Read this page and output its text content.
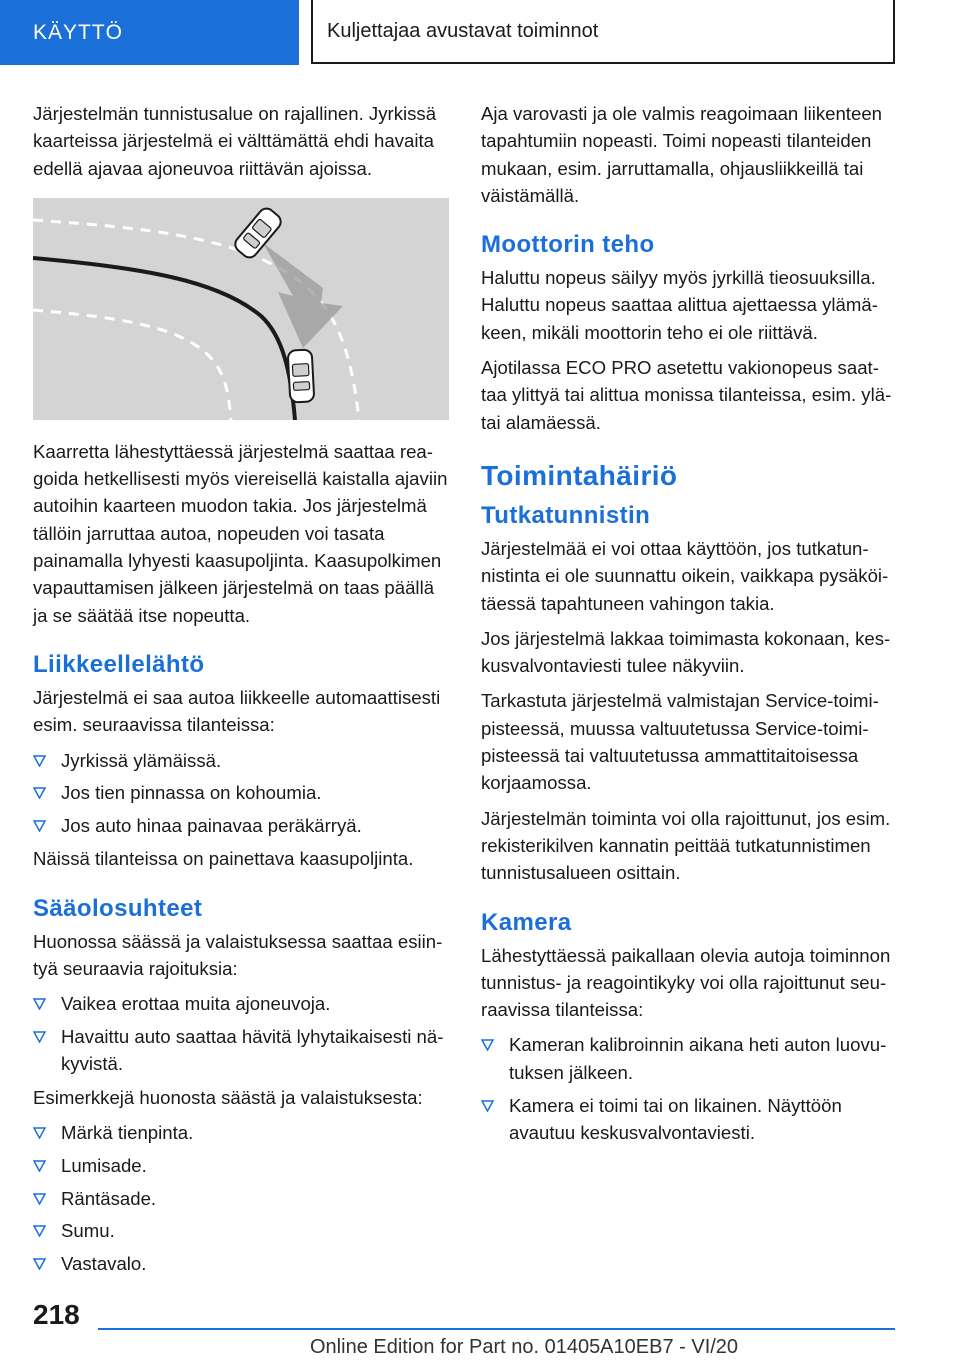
KÄYTTÖ	Kuljettajaa avustavat toiminnot

Järjestelmän tunnistusalue on rajallinen. Jyrkissä kaarteissa järjestelmä ei välttämättä ehdi havaita edellä ajavaa ajoneuvoa riittävän ajoissa.

Kaarretta lähestyttäessä järjestelmä saattaa reagoida hetkellisesti myös viereisellä kaistalla ajaviin autoihin kaarteen muodon takia. Jos järjestelmä tällöin jarruttaa autoa, nopeuden voi tasata painamalla lyhyesti kaasupoljinta. Kaasupolkimen vapauttamisen jälkeen järjestelmä on taas päällä ja se säätää itse nopeutta.

Liikkeellelähtö

Järjestelmä ei saa autoa liikkeelle automaattisesti esim. seuraavissa tilanteissa:

Jyrkissä ylämäissä.
Jos tien pinnassa on kohoumia.
Jos auto hinaa painavaa peräkärryä.

Näissä tilanteissa on painettava kaasupoljinta.

Sääolosuhteet

Huonossa säässä ja valaistuksessa saattaa esiintyä seuraavia rajoituksia:

Vaikea erottaa muita ajoneuvoja.
Havaittu auto saattaa hävitä lyhytaikaisesti näkyvistä.

Esimerkkejä huonosta säästä ja valaistuksesta:

Märkä tienpinta.
Lumisade.
Räntäsade.
Sumu.
Vastavalo.

Aja varovasti ja ole valmis reagoimaan liikenteen tapahtumiin nopeasti. Toimi nopeasti tilanteiden mukaan, esim. jarruttamalla, ohjausliikkeillä tai väistämällä.

Moottorin teho

Haluttu nopeus säilyy myös jyrkillä tieosuuksilla. Haluttu nopeus saattaa alittua ajettaessa ylämäkeen, mikäli moottorin teho ei ole riittävä.

Ajotilassa ECO PRO asetettu vakionopeus saattaa ylittyä tai alittua monissa tilanteissa, esim. ylä- tai alamäessä.

Toimintahäiriö
Tutkatunnistin

Järjestelmää ei voi ottaa käyttöön, jos tutkatunnistinta ei ole suunnattu oikein, vaikkapa pysäköitäessä tapahtuneen vahingon takia.

Jos järjestelmä lakkaa toimimasta kokonaan, keskusvalvontaviesti tulee näkyviin.

Tarkastuta järjestelmä valmistajan Service-toimipisteessä, muussa valtuutetussa Service-toimipisteessä tai valtuutetussa ammattitaitoisessa korjaamossa.

Järjestelmän toiminta voi olla rajoittunut, jos esim. rekisterikilven kannatin peittää tutkatunnistimen tunnistusalueen osittain.

Kamera

Lähestyttäessä paikallaan olevia autoja toiminnon tunnistus- ja reagointikyky voi olla rajoittunut seuraavissa tilanteissa:

Kameran kalibroinnin aikana heti auton luovutuksen jälkeen.
Kamera ei toimi tai on likainen. Näyttöön avautuu keskusvalvontaviesti.
218
Online Edition for Part no. 01405A10EB7 - VI/20
